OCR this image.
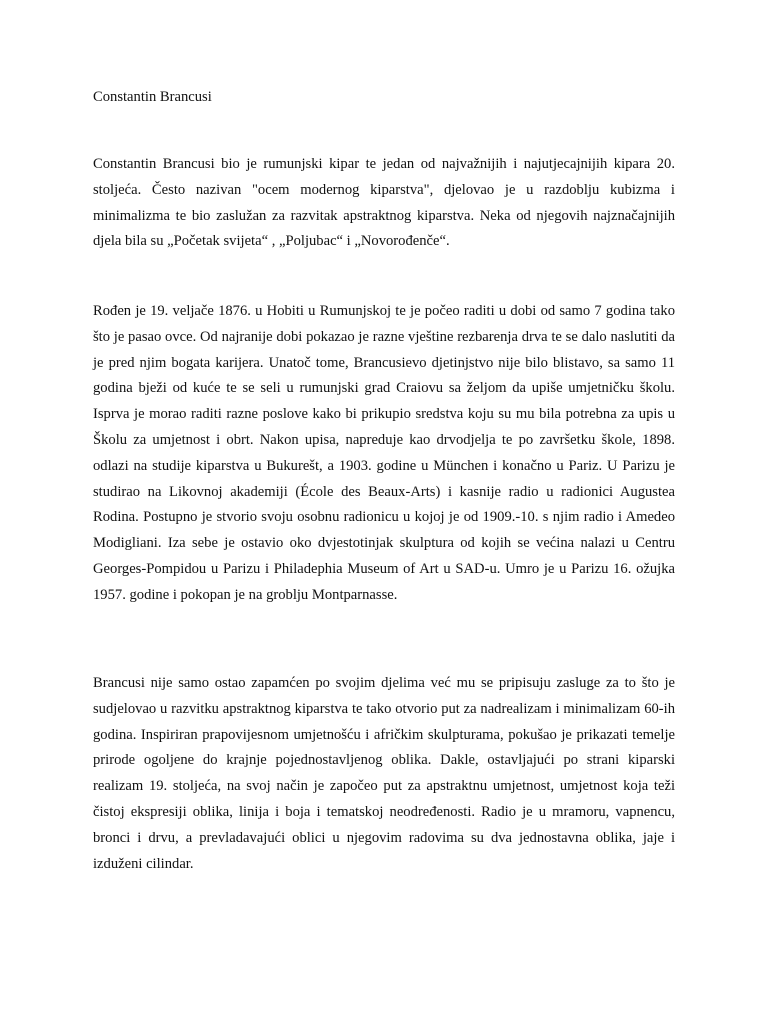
Constantin Brancusi

Constantin Brancusi bio je rumunjski kipar te jedan od najvažnijih i najutjecajnijih kipara 20. stoljeća. Često nazivan "ocem modernog kiparstva", djelovao je u razdoblju kubizma i minimalizma te bio zaslužan za razvitak apstraktnog kiparstva. Neka od njegovih najznačajnijih djela bila su „Početak svijeta“ , „Poljubac“ i „Novorođenče“.

Rođen je 19. veljače 1876. u Hobiti u Rumunjskoj te je počeo raditi u dobi od samo 7 godina tako što je pasao ovce. Od najranije dobi pokazao je razne vještine rezbarenja drva te se dalo naslutiti da je pred njim bogata karijera. Unatoč tome, Brancusievo djetinjstvo nije bilo blistavo, sa samo 11 godina bježi od kuće te se seli u rumunjski grad Craiovu sa željom da upiše umjetničku školu. Isprva je morao raditi razne poslove kako bi prikupio sredstva koju su mu bila potrebna za upis u Školu za umjetnost i obrt. Nakon upisa, napreduje kao drvodjelja te po završetku škole, 1898. odlazi na studije kiparstva u Bukurešt, a 1903. godine u München i konačno u Pariz. U Parizu je studirao na Likovnoj akademiji (École des Beaux-Arts) i kasnije radio u radionici Augustea Rodina. Postupno je stvorio svoju osobnu radionicu u kojoj je od 1909.-10. s njim radio i Amedeo Modigliani. Iza sebe je ostavio oko dvjestotinjak skulptura od kojih se većina nalazi u Centru Georges-Pompidou u Parizu i Philadephia Museum of Art u SAD-u. Umro je u Parizu 16. ožujka 1957. godine i pokopan je na groblju Montparnasse.

Brancusi nije samo ostao zapamćen po svojim djelima već mu se pripisuju zasluge za to što je sudjelovao u razvitku apstraktnog kiparstva te tako otvorio put za nadrealizam i minimalizam 60-ih godina. Inspiriran prapovijesnom umjetnošću i afričkim skulpturama, pokušao je prikazati temelje prirode ogoljene do krajnje pojednostavljenog oblika. Dakle, ostavljajući po strani kiparski realizam 19. stoljeća, na svoj način je započeo put za apstraktnu umjetnost, umjetnost koja teži čistoj ekspresiji oblika, linija i boja i tematskoj neodređenosti. Radio je u mramoru, vapnencu, bronci i drvu, a prevladavajući oblici u njegovim radovima su dva jednostavna oblika, jaje i izduženi cilindar.
